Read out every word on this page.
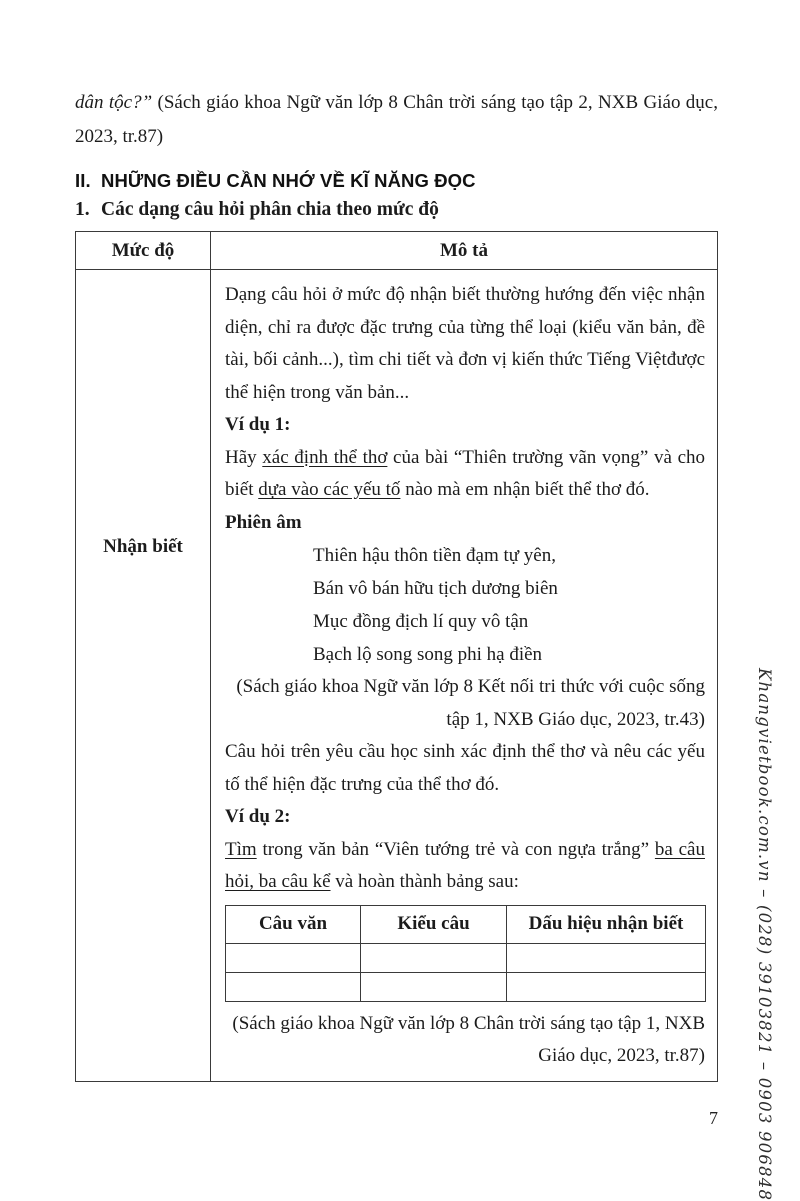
dân tộc?” (Sách giáo khoa Ngữ văn lớp 8 Chân trời sáng tạo tập 2, NXB Giáo dục, 2023, tr.87)

II. NHỮNG ĐIỀU CẦN NHỚ VỀ KĨ NĂNG ĐỌC
1. Các dạng câu hỏi phân chia theo mức độ
Mức độ	Mô tả

Nhận biết

Dạng câu hỏi ở mức độ nhận biết thường hướng đến việc nhận diện, chỉ ra được đặc trưng của từng thể loại (kiểu văn bản, đề tài, bối cảnh...), tìm chi tiết và đơn vị kiến thức Tiếng Việtđược thể hiện trong văn bản...

Ví dụ 1:

Hãy xác định thể thơ của bài “Thiên trường vãn vọng” và cho biết dựa vào các yếu tố nào mà em nhận biết thể thơ đó.

Phiên âm

Thiên hậu thôn tiền đạm tự yên,
Bán vô bán hữu tịch dương biên
Mục đồng địch lí quy vô tận
Bạch lộ song song phi hạ điền

(Sách giáo khoa Ngữ văn lớp 8 Kết nối tri thức với cuộc sống tập 1, NXB Giáo dục, 2023, tr.43)

Câu hỏi trên yêu cầu học sinh xác định thể thơ và nêu các yếu tố thể hiện đặc trưng của thể thơ đó.

Ví dụ 2:

Tìm trong văn bản “Viên tướng trẻ và con ngựa trắng” ba câu hỏi, ba câu kể và hoàn thành bảng sau:

Câu văn	Kiểu câu	Dấu hiệu nhận biết

(Sách giáo khoa Ngữ văn lớp 8 Chân trời sáng tạo tập 1, NXB Giáo dục, 2023, tr.87)

7 Khangvietbook.com.vn – (028) 39103821 – 0903 906848
